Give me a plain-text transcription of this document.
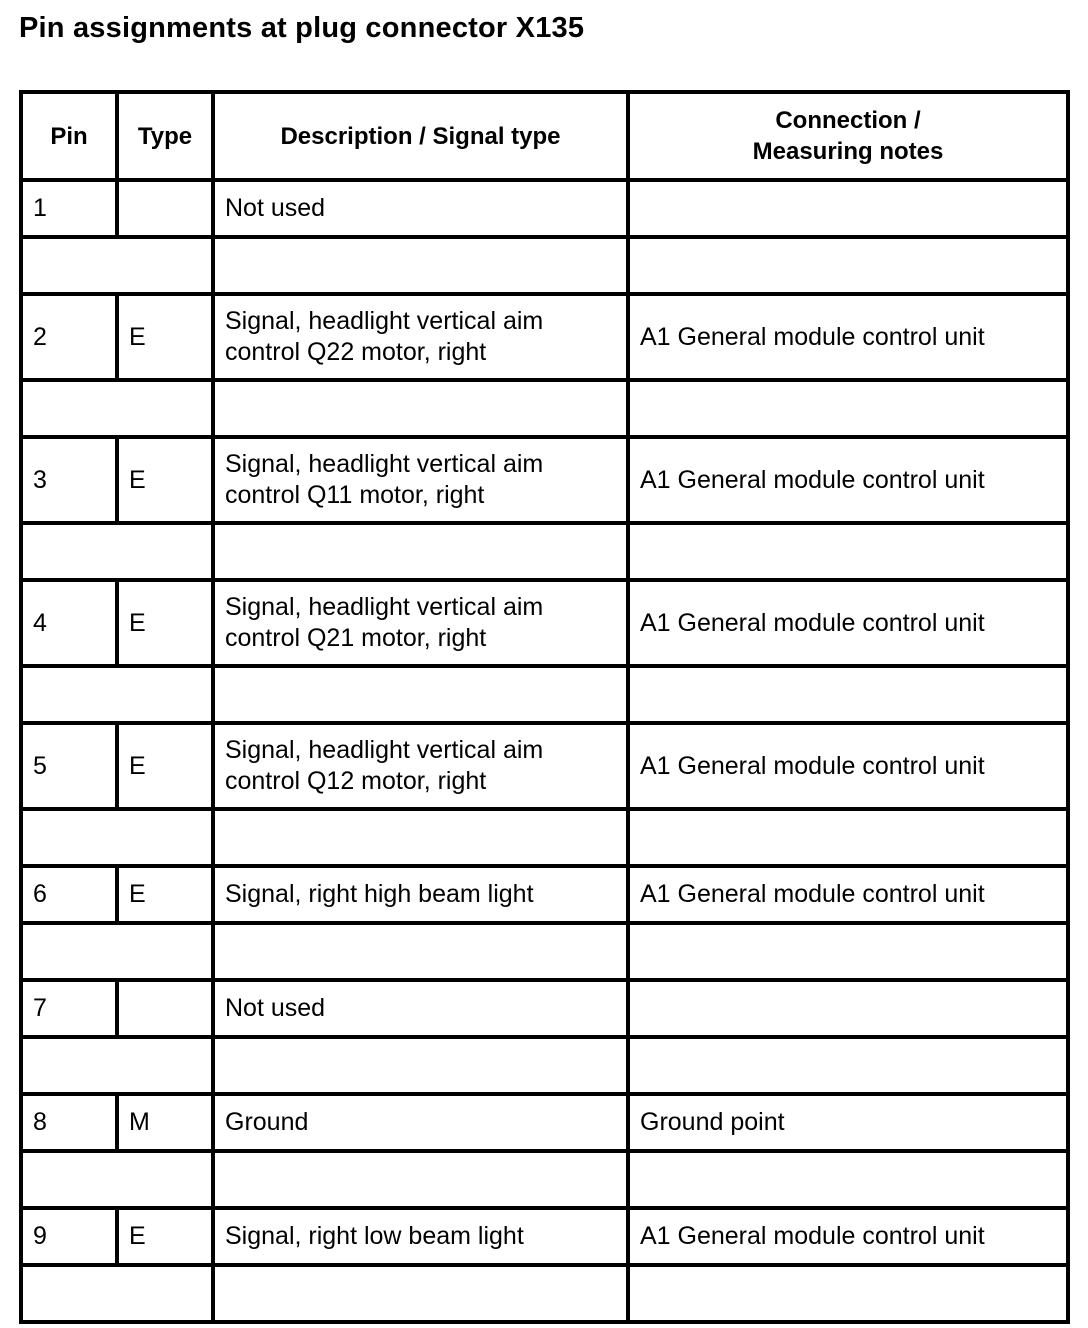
Pin assignments at plug connector X135
Pin	Type	Description / Signal type	Connection /
Measuring notes
1		Not used	

2	E	Signal, headlight vertical aim
control Q22 motor, right	A1 General module control unit

3	E	Signal, headlight vertical aim
control Q11 motor, right	A1 General module control unit

4	E	Signal, headlight vertical aim
control Q21 motor, right	A1 General module control unit

5	E	Signal, headlight vertical aim
control Q12 motor, right	A1 General module control unit

6	E	Signal, right high beam light	A1 General module control unit

7		Not used	

8	M	Ground	Ground point

9	E	Signal, right low beam light	A1 General module control unit
